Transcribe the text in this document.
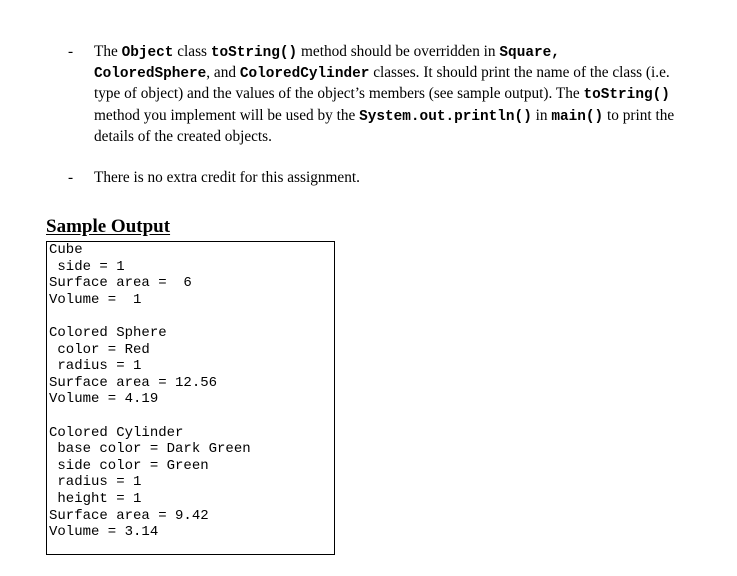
-	The Object class toString() method should be overridden in Square, ColoredSphere, and ColoredCylinder classes. It should print the name of the class (i.e. type of object) and the values of the object’s members (see sample output). The toString() method you implement will be used by the System.out.println() in main() to print the details of the created objects.
-	There is no extra credit for this assignment.
Sample Output
Cube
side = 1
Surface area =  6
Volume =  1

Colored Sphere
color = Red
radius = 1
Surface area = 12.56
Volume = 4.19

Colored Cylinder
base color = Dark Green
side color = Green
radius = 1
height = 1
Surface area = 9.42
Volume = 3.14
